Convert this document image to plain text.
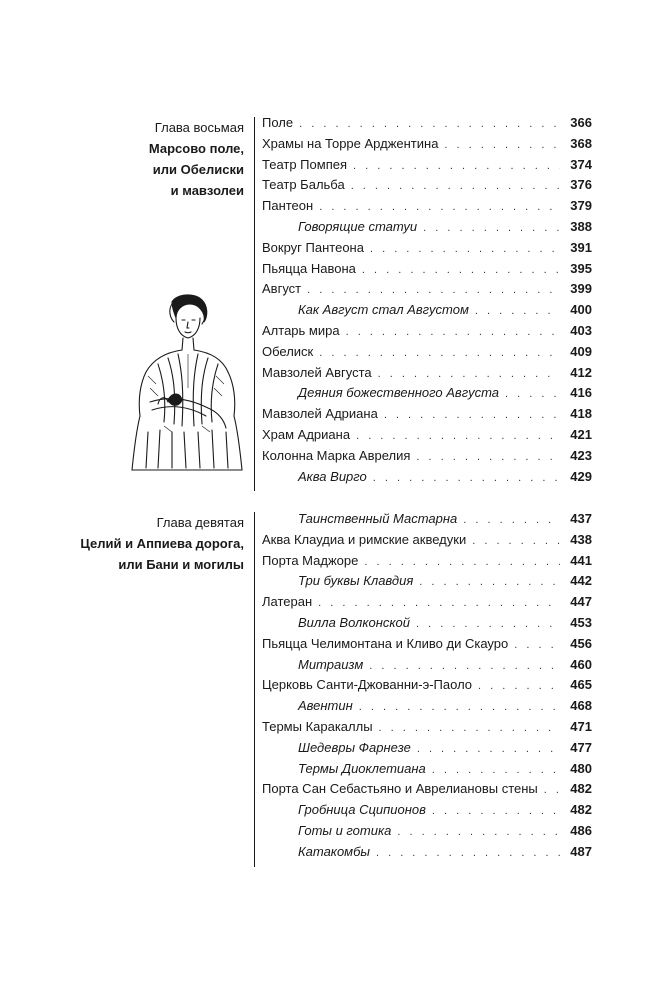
Глава восьмая
Марсово поле,
или Обелиски
и мавзолеи
Поле . . .	366
Храмы на Торре Арджентина . . .	368
Театр Помпея . . .	374
Театр Бальба . . .	376
Пантеон . . .	379
Говорящие статуи . . .	388
Вокруг Пантеона . . .	391
Пьяцца Навона . . .	395
Август . . .	399
Как Август стал Августом . . .	400
Алтарь мира . . .	403
Обелиск . . .	409
Мавзолей Августа . . .	412
Деяния божественного Августа . . .	416
Мавзолей Адриана . . .	418
Храм Адриана . . .	421
Колонна Марка Аврелия . . .	423
Аква Вирго . . .	429
Глава девятая
Целий и Аппиева дорога,
или Бани и могилы
Таинственный Мастарна . . .	437
Аква Клаудиа и римские акведуки . . .	438
Порта Маджоре . . .	441
Три буквы Клавдия . . .	442
Латеран . . .	447
Вилла Волконской . . .	453
Пьяцца Челимонтана и Кливо ди Скауро . . .	456
Митраизм . . .	460
Церковь Санти-Джованни-э-Паоло . . .	465
Авентин . . .	468
Термы Каракаллы . . .	471
Шедевры Фарнезе . . .	477
Термы Диоклетиана . . .	480
Порта Сан Себастьяно и Аврелиановы стены . . .	482
Гробница Сципионов . . .	482
Готы и готика . . .	486
Катакомбы . . .	487
